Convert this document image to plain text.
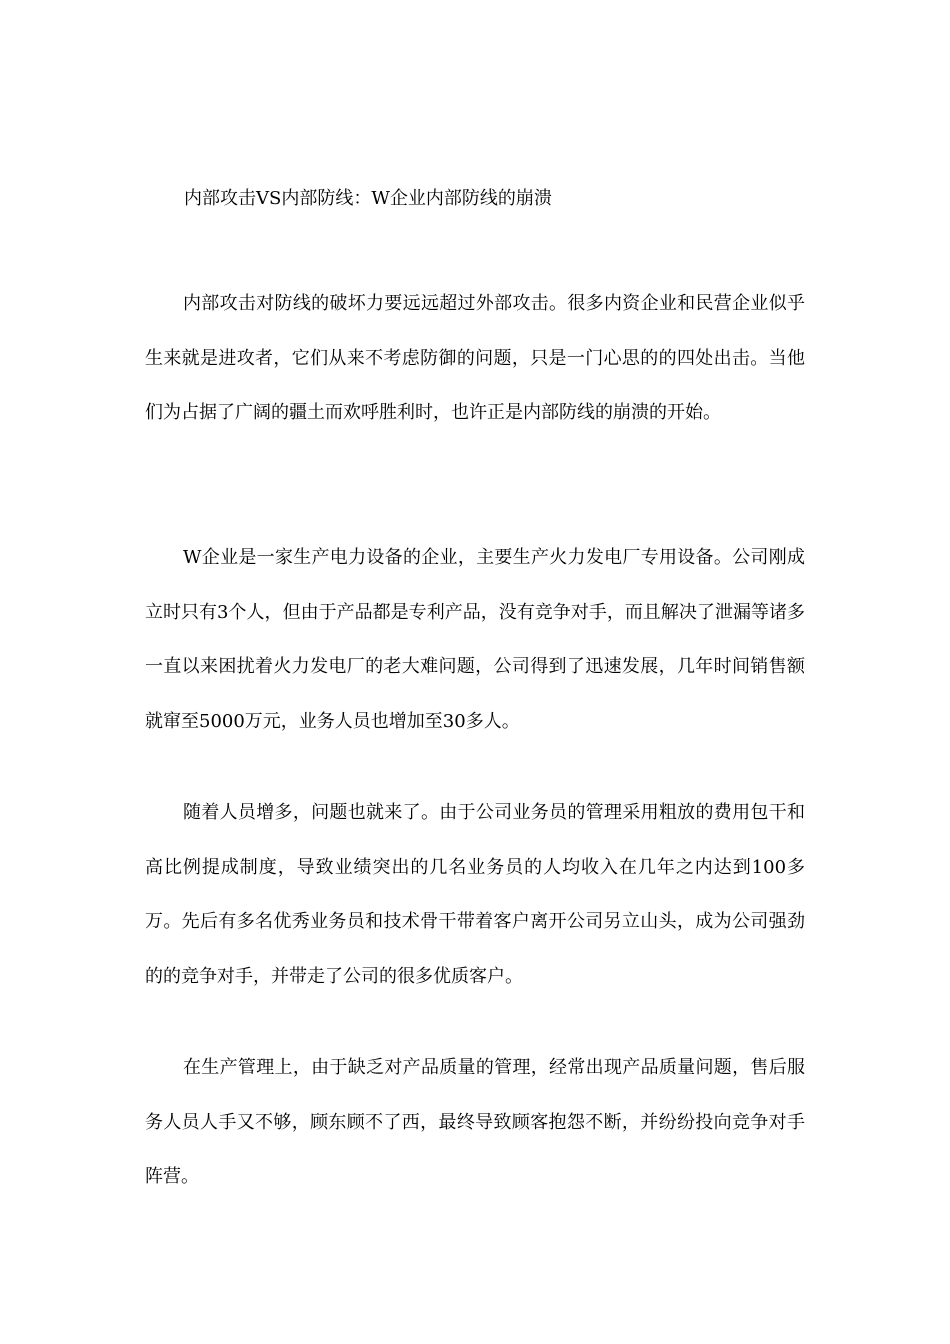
内部攻击VS内部防线：W企业内部防线的崩溃

内部攻击对防线的破坏力要远远超过外部攻击。很多内资企业和民营企业似乎生来就是进攻者，它们从来不考虑防御的问题，只是一门心思的的四处出击。当他们为占据了广阔的疆土而欢呼胜利时，也许正是内部防线的崩溃的开始。

W企业是一家生产电力设备的企业，主要生产火力发电厂专用设备。公司刚成立时只有3个人，但由于产品都是专利产品，没有竞争对手，而且解决了泄漏等诸多一直以来困扰着火力发电厂的老大难问题，公司得到了迅速发展，几年时间销售额就窜至5000万元，业务人员也增加至30多人。

随着人员增多，问题也就来了。由于公司业务员的管理采用粗放的费用包干和高比例提成制度，导致业绩突出的几名业务员的人均收入在几年之内达到100多万。先后有多名优秀业务员和技术骨干带着客户离开公司另立山头，成为公司强劲的的竞争对手，并带走了公司的很多优质客户。

在生产管理上，由于缺乏对产品质量的管理，经常出现产品质量问题，售后服务人员人手又不够，顾东顾不了西，最终导致顾客抱怨不断，并纷纷投向竞争对手阵营。
